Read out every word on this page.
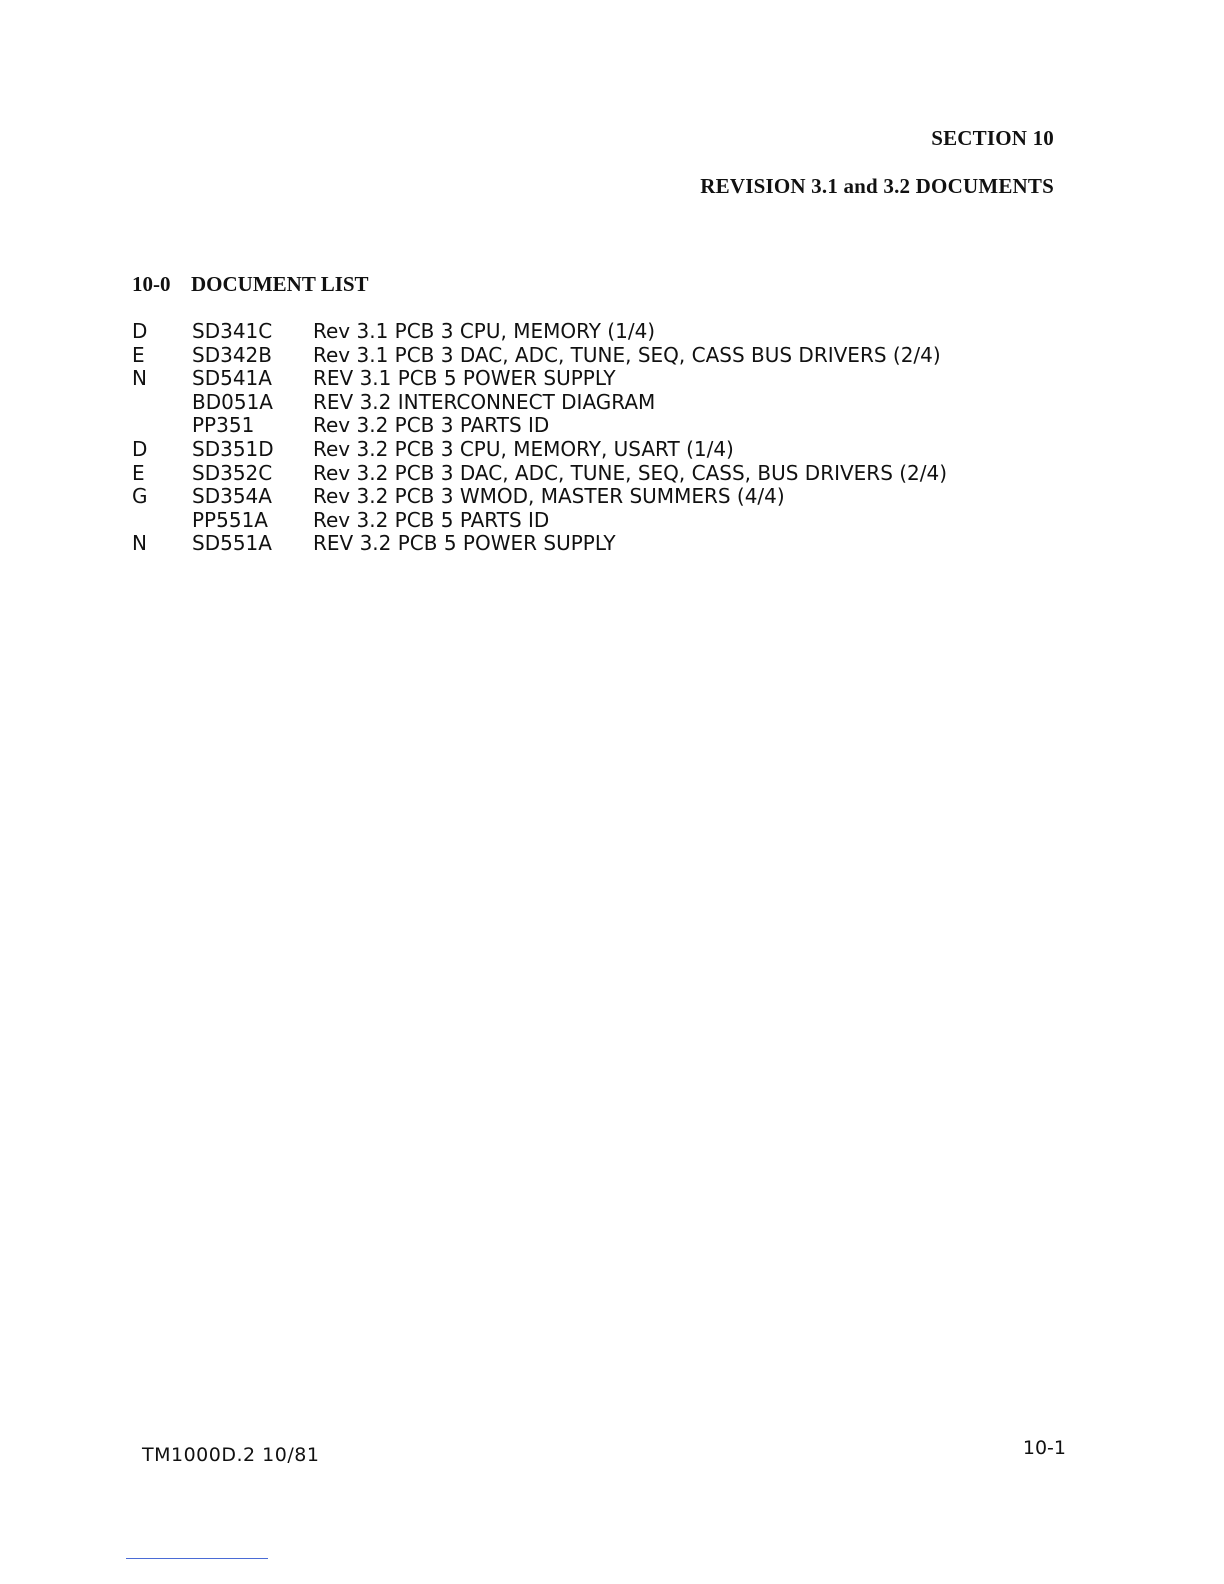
SECTION 10
REVISION 3.1 and 3.2 DOCUMENTS
10-0 DOCUMENT LIST
D SD341C Rev 3.1 PCB 3 CPU, MEMORY (1/4)
E SD342B Rev 3.1 PCB 3 DAC, ADC, TUNE, SEQ, CASS BUS DRIVERS (2/4)
N SD541A REV 3.1 PCB 5 POWER SUPPLY
BD051A REV 3.2 INTERCONNECT DIAGRAM
PP351	Rev 3.2 PCB 3 PARTS ID
D SD351D Rev 3.2 PCB 3 CPU, MEMORY, USART (1/4)
E SD352C Rev 3.2 PCB 3 DAC, ADC, TUNE, SEQ, CASS, BUS DRIVERS (2/4)
G SD354A Rev 3.2 PCB 3 WMOD, MASTER SUMMERS (4/4)
PP551A Rev 3.2 PCB 5 PARTS ID
N SD551A REV 3.2 PCB 5 POWER SUPPLY
TM1000D.2 10/81	10-1
